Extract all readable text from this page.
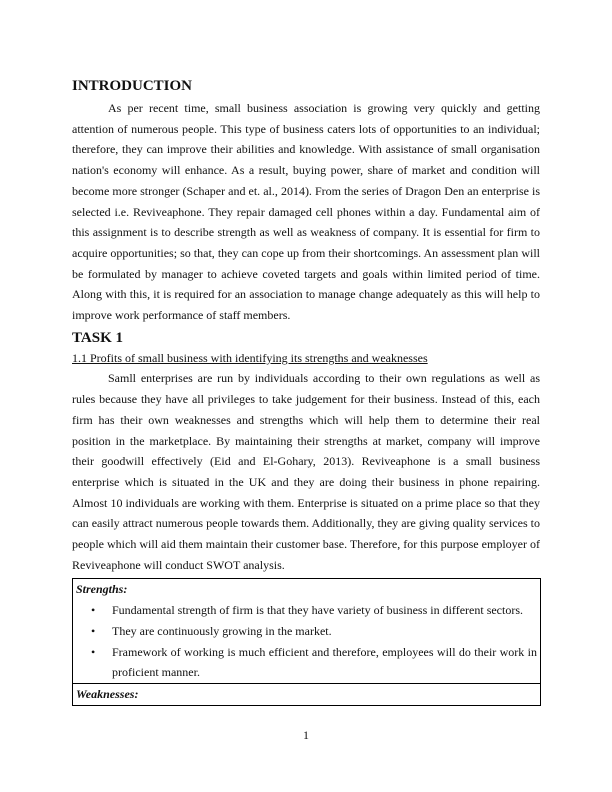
INTRODUCTION

As per recent time, small business association is growing very quickly and getting attention of numerous people. This type of business caters lots of opportunities to an individual; therefore, they can improve their abilities and knowledge. With assistance of small organisation nation's economy will enhance. As a result, buying power, share of market and condition will become more stronger (Schaper and et. al., 2014). From the series of Dragon Den an enterprise is selected i.e. Reviveaphone. They repair damaged cell phones within a day. Fundamental aim of this assignment is to describe strength as well as weakness of company. It is essential for firm to acquire opportunities; so that, they can cope up from their shortcomings. An assessment plan will be formulated by manager to achieve coveted targets and goals within limited period of time. Along with this, it is required for an association to manage change adequately as this will help to improve work performance of staff members.

TASK 1
1.1 Profits of small business with identifying its strengths and weaknesses

Samll enterprises are run by individuals according to their own regulations as well as rules because they have all privileges to take judgement for their business. Instead of this, each firm has their own weaknesses and strengths which will help them to determine their real position in the marketplace. By maintaining their strengths at market, company will improve their goodwill effectively (Eid and El-Gohary, 2013). Reviveaphone is a small business enterprise which is situated in the UK and they are doing their business in phone repairing. Almost 10 individuals are working with them. Enterprise is situated on a prime place so that they can easily attract numerous people towards them. Additionally, they are giving quality services to people which will aid them maintain their customer base. Therefore, for this purpose employer of Reviveaphone will conduct SWOT analysis.

Strengths:
• Fundamental strength of firm is that they have variety of business in different sectors.
• They are continuously growing in the market.
• Framework of working is much efficient and therefore, employees will do their work in proficient manner.

Weaknesses:
1
